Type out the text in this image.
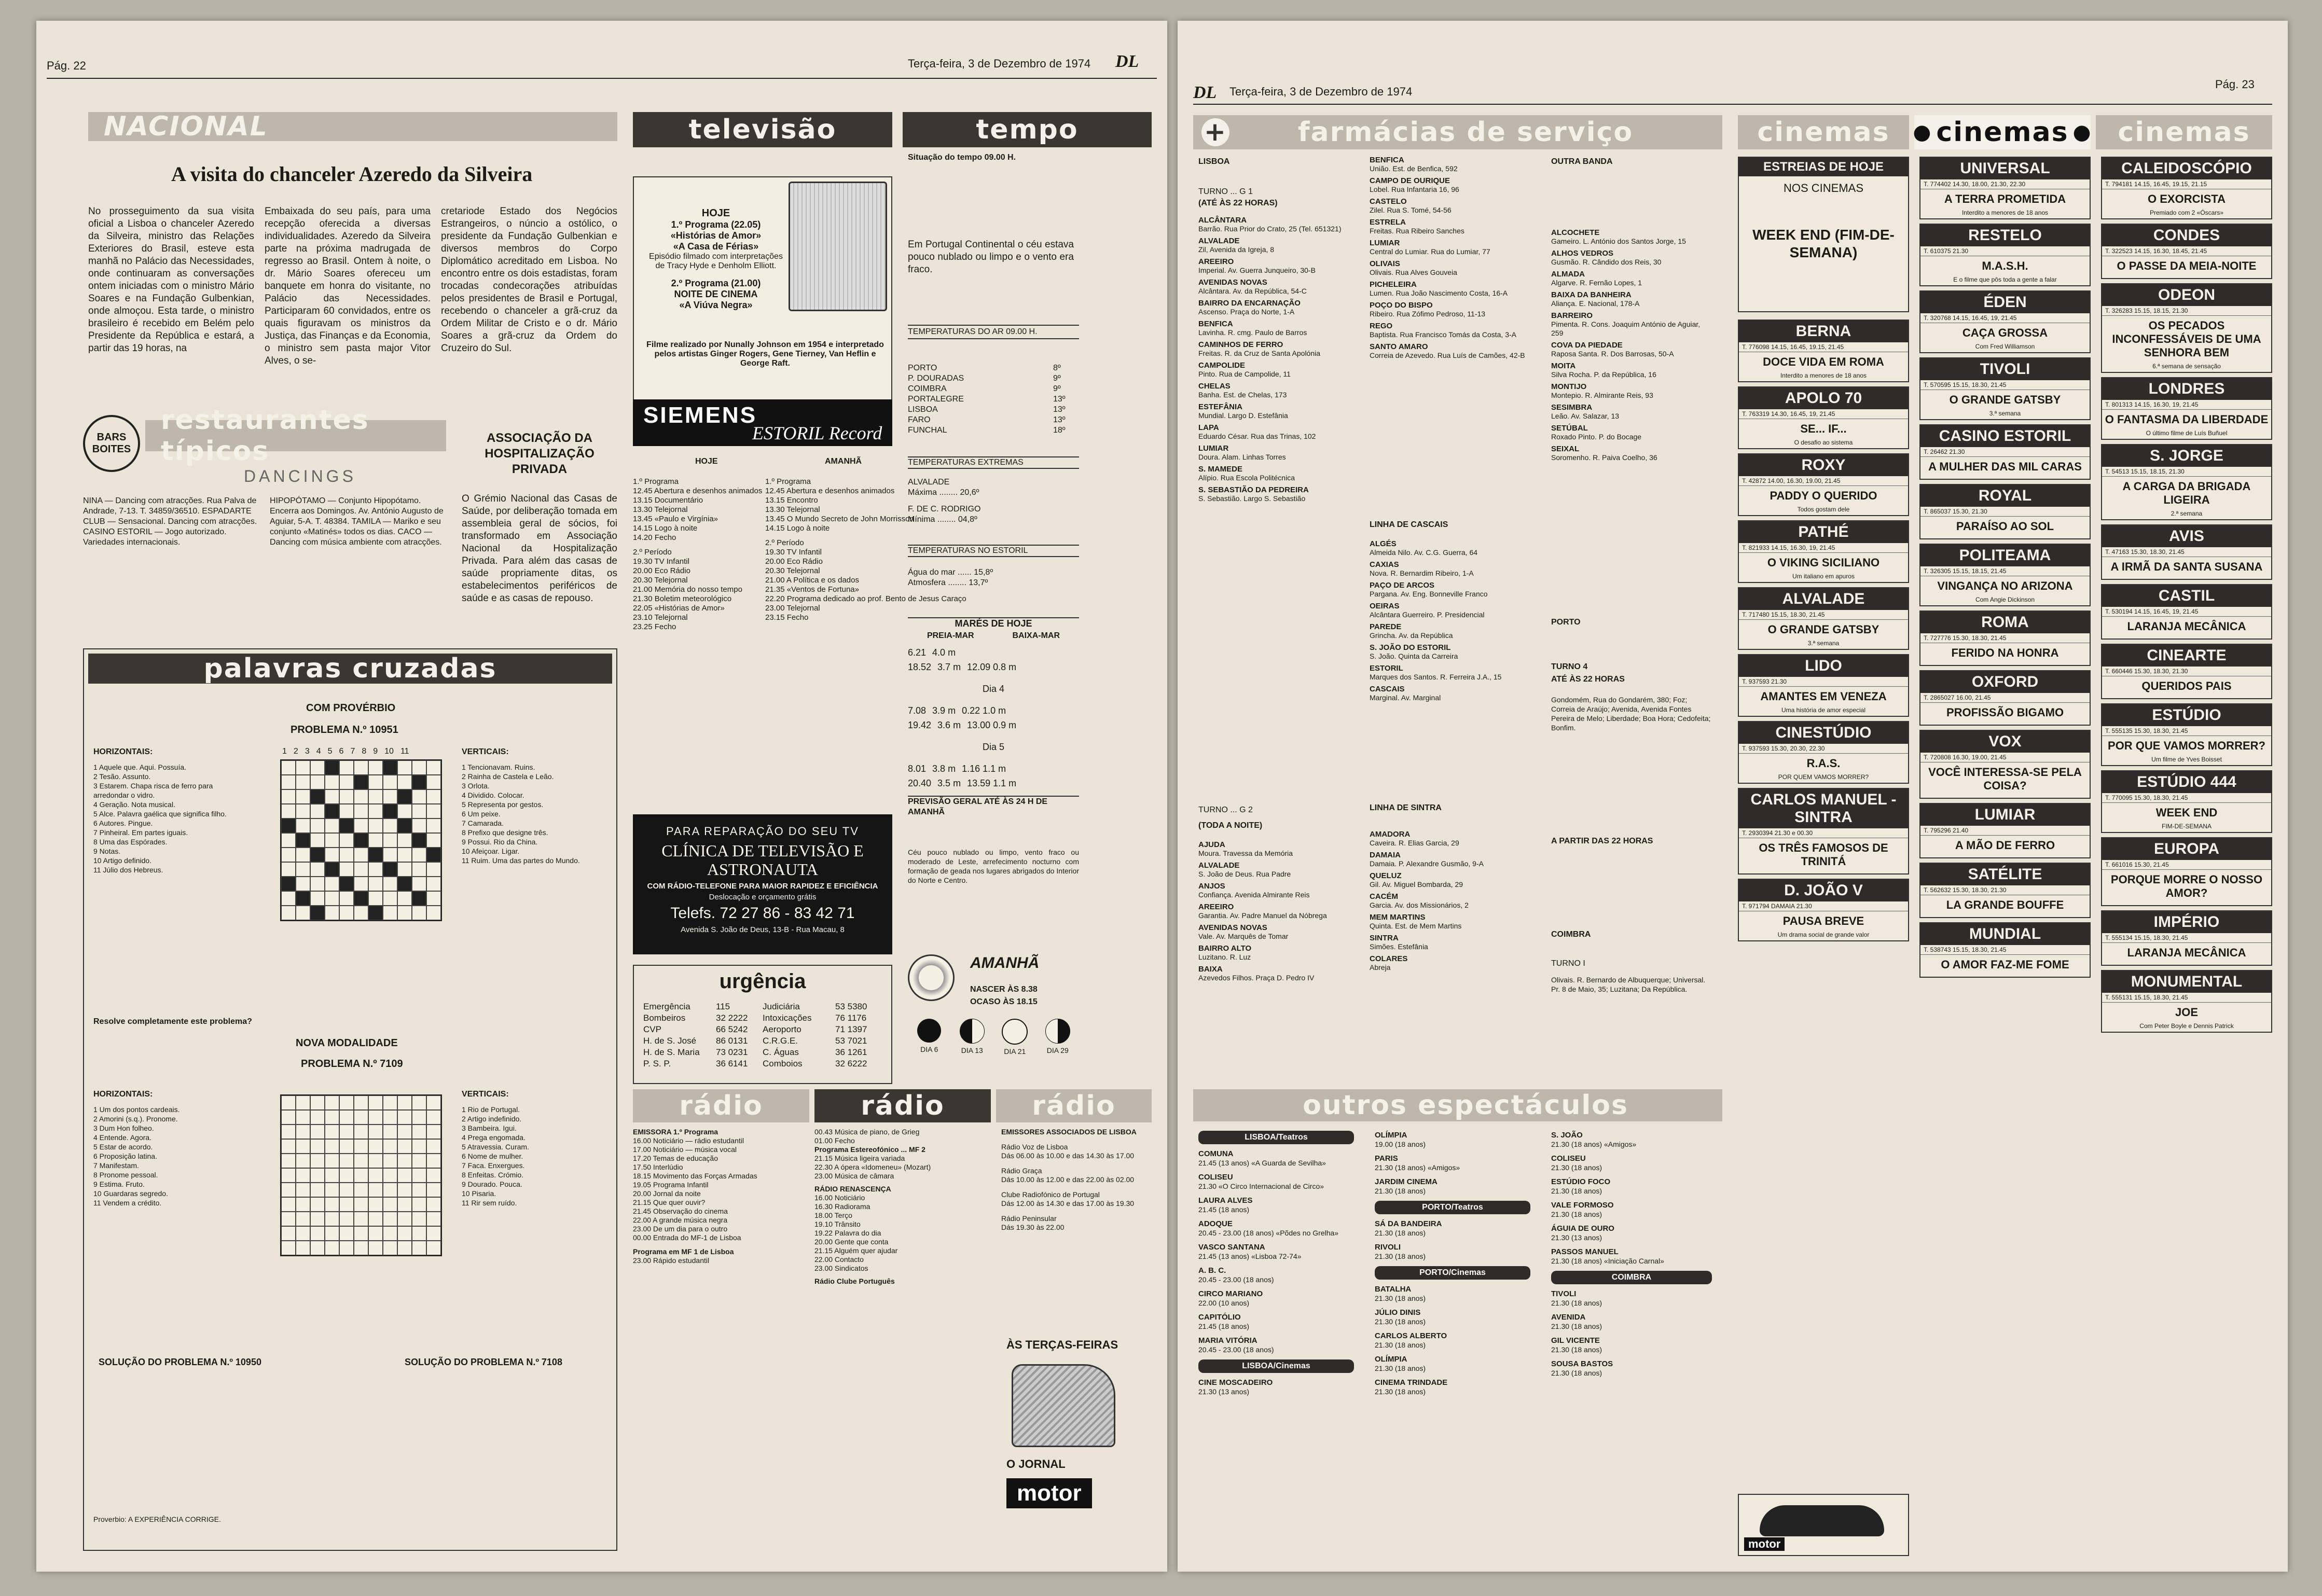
Pág. 22	Terça-feira, 3 de Dezembro de 1974 DL
NACIONAL
A visita do chanceler Azeredo da Silveira
No prosseguimento da sua visita oficial a Lisboa o chanceler Azeredo da Silveira, ministro das Relações Exteriores do Brasil, esteve esta manhã no Palácio das Necessidades, onde continuaram as conversações ontem iniciadas com o ministro Mário Soares e na Fundação Gulbenkian, onde almoçou. Esta tarde, o ministro brasileiro é recebido em Belém pelo Presidente da República e estará, a partir das 19 horas, na
Embaixada do seu país, para uma recepção oferecida a diversas individualidades. Azeredo da Silveira parte na próxima madrugada de regresso ao Brasil. Ontem à noite, o dr. Mário Soares ofereceu um banquete em honra do visitante, no Palácio das Necessidades. Participaram 60 convidados, entre os quais figuravam os ministros da Justiça, das Finanças e da Economia, o ministro sem pasta major Vitor Alves, o se-
cretariode Estado dos Negócios Estrangeiros, o núncio a ostólico, o presidente da Fundação Gulbenkian e diversos membros do Corpo Diplomático acreditado em Lisboa. No encontro entre os dois estadistas, foram trocadas condecorações atribuídas pelos presidentes de Brasil e Portugal, recebendo o chanceler a grã-cruz da Ordem Militar de Cristo e o dr. Mário Soares a grã-cruz da Ordem do Cruzeiro do Sul.
BARS BOITES
restaurantes típicos
DANCINGS
NINA — Dancing com atracções. Rua Palva de Andrade, 7-13. T. 34859/36510. ESPADARTE CLUB — Sensacional. Dancing com atracções. CASINO ESTORIL — Jogo autorizado. Variedades internacionais.
HIPOPÓTAMO — Conjunto Hipopótamo. Encerra aos Domingos. Av. António Augusto de Aguiar, 5-A. T. 48384. TAMILA — Mariko e seu conjunto «Matinés» todos os dias. CACO — Dancing com música ambiente com atracções.
ASSOCIAÇÃO DA HOSPITALIZAÇÃO PRIVADA
O Grémio Nacional das Casas de Saúde, por deliberação tomada em assembleia geral de sócios, foi transformado em Associação Nacional da Hospitalização Privada. Para além das casas de saúde propriamente ditas, os estabelecimentos periféricos de saúde e as casas de repouso.
palavras cruzadas
COM PROVÉRBIO
PROBLEMA N.º 10951
HORIZONTAIS:	VERTICAIS:
1 Aquele que. Aqui. Possuía.
2 Tesão. Assunto.
3 Estarem. Chapa risca de ferro para arredondar o vidro.
4 Geração. Nota musical.
5 Alce. Palavra gaélica que significa filho.
6 Autores. Pingue.
7 Pinheiral. Em partes iguais.
8 Uma das Espórades.
9 Notas.
10 Artigo definido.
11 Júlio dos Hebreus.
1 Tencionavam. Ruins.
2 Rainha de Castela e Leão.
3 Orlota.
4 Dividido. Colocar.
5 Representa por gestos.
6 Um peixe.
7 Camarada.
8 Prefixo que designe três.
9 Possui. Rio da China.
10 Afeiçoar. Ligar.
11 Ruim. Uma das partes do Mundo.
1 2 3 4 5 6 7 8 9 10 11
Resolve completamente este problema?
NOVA MODALIDADE
PROBLEMA N.º 7109
HORIZONTAIS:	VERTICAIS:
1 Um dos pontos cardeais.
2 Amorini (s.q.). Pronome.
3 Dum Hon folheo.
4 Entende. Agora.
5 Estar de acordo.
6 Proposição latina.
7 Manifestam.
8 Pronome pessoal.
9 Estima. Fruto.
10 Guardaras segredo.
11 Vendem a crédito.
1 Rio de Portugal.
2 Artigo indefinido.
3 Bambeira. Igui.
4 Prega engomada.
5 Atravessia. Curam.
6 Nome de mulher.
7 Faca. Enxergues.
8 Enfeitas. Crómio.
9 Dourado. Pouca.
10 Pisaria.
11 Rir sem ruído.
SOLUÇÃO DO PROBLEMA N.º 10950	SOLUÇÃO DO PROBLEMA N.º 7108
Proverbio: A EXPERIÊNCIA CORRIGE.
televisão
HOJE
1.º Programa (22.05)
«Histórias de Amor»
«A Casa de Férias»
Episódio filmado com interpretações de Tracy Hyde e Denholm Elliott.
2.º Programa (21.00)
NOITE DE CINEMA
«A Viúva Negra»
Filme realizado por Nunally Johnson em 1954 e interpretado pelos artistas Ginger Rogers, Gene Tierney, Van Heflin e George Raft.
SIEMENS
ESTORIL Record
HOJE	AMANHÃ
1.º Programa
12.45 Abertura e desenhos animados
13.15 Documentário
13.30 Telejornal
13.45 «Paulo e Virgínia»
14.15 Logo à noite
14.20 Fecho
2.º Período
19.30 TV Infantil
20.00 Eco Rádio
20.30 Telejornal
21.00 Memória do nosso tempo
21.30 Boletim meteorológico
22.05 «Histórias de Amor»
23.10 Telejornal
23.25 Fecho
1.º Programa
12.45 Abertura e desenhos animados
13.15 Encontro
13.30 Telejornal
13.45 O Mundo Secreto de John Morrisson
14.15 Logo à noite
2.º Período
19.30 TV Infantil
20.00 Eco Rádio
20.30 Telejornal
21.00 A Política e os dados
21.35 «Ventos de Fortuna»
22.20 Programa dedicado ao prof. Bento de Jesus Caraço
23.00 Telejornal
23.15 Fecho
PARA REPARAÇÃO DO SEU TV
CLÍNICA DE TELEVISÃO E ASTRONAUTA
COM RÁDIO-TELEFONE PARA MAIOR RAPIDEZ E EFICIÊNCIA
Deslocação e orçamento grátis
Telefs. 72 27 86 - 83 42 71
Avenida S. João de Deus, 13-B - Rua Macau, 8
urgência
Emergência	115	Judiciária	53 5380
Bombeiros	32 2222	Intoxicações	76 1176
CVP	66 5242	Aeroporto	71 1397
H. de S. José	86 0131	C.R.G.E.	53 7021
H. de S. Maria	73 0231	C. Águas	36 1261
P. S. P.	36 6141	Comboios	32 6222
tempo
Situação do tempo 09.00 H.
Em Portugal Continental o céu estava pouco nublado ou limpo e o vento era fraco.
TEMPERATURAS DO AR 09.00 H.
PORTO	8º
P. DOURADAS	9º
COIMBRA	9º
PORTALEGRE	13º
LISBOA	13º
FARO	13º
FUNCHAL	18º
TEMPERATURAS EXTREMAS
ALVALADE
Máxima ........ 20,6º
F. DE C. RODRIGO
Mínima ........ 04,8º
TEMPERATURAS NO ESTORIL
Água do mar ...... 15,8º
Atmosfera ........ 13,7º
MARÉS DE HOJE
PREIA-MAR	BAIXA-MAR
6.21 4.0 m
18.52 3.7 m 12.09 0.8 m
Dia 4
7.08 3.9 m 0.22 1.0 m
19.42 3.6 m 13.00 0.9 m
Dia 5
8.01 3.8 m 1.16 1.1 m
20.40 3.5 m 13.59 1.1 m
PREVISÃO GERAL ATÉ ÀS 24 H DE AMANHÃ
Céu pouco nublado ou limpo, vento fraco ou moderado de Leste, arrefecimento nocturno com formação de geada nos lugares abrigados do Interior do Norte e Centro.
AMANHÃ
NASCER ÀS 8.38
OCASO ÀS 18.15
DIA 6	DIA 13	DIA 21	DIA 29
rádio	rádio	rádio
EMISSORA 1.º Programa
16.00 Noticiário — rádio estudantil
17.00 Noticiário — música vocal
17.20 Temas de educação
17.50 Interlúdio
18.15 Movimento das Forças Armadas
19.05 Programa Infantil
20.00 Jornal da noite
21.15 Que quer ouvir?
21.45 Observação do cinema
22.00 A grande música negra
23.00 De um dia para o outro
00.00 Entrada do MF-1 de Lisboa
Programa em MF 1 de Lisboa
23.00 Rápido estudantil
00.43 Música de piano, de Grieg
01.00 Fecho
Programa Estereofónico ... MF 2
21.15 Música ligeira variada
22.30 A ópera «Idomeneu» (Mozart)
23.00 Música de câmara
RÁDIO RENASCENÇA
16.00 Noticiário
16.30 Radiorama
18.00 Terço
19.10 Trânsito
19.22 Palavra do dia
20.00 Gente que conta
21.15 Alguém quer ajudar
22.00 Contacto
23.00 Sindicatos
Rádio Clube Português
EMISSORES ASSOCIADOS DE LISBOA
Rádio Voz de Lisboa
Dás 06.00 às 10.00 e das 14.30 às 17.00
Rádio Graça
Dás 10.00 às 12.00 e das 22.00 às 02.00
Clube Radiofónico de Portugal
Dás 12.00 às 14.30 e das 17.00 às 19.30
Rádio Peninsular
Dás 19.30 às 22.00
ÀS TERÇAS-FEIRAS
O JORNAL
motor
DL Terça-feira, 3 de Dezembro de 1974
Pág. 23
+	farmácias de serviço
LISBOA
TURNO ... G 1
(ATÉ ÀS 22 HORAS)
ALCÂNTARA
Barrão. Rua Prior do Crato, 25 (Tel. 651321)
ALVALADE
Zil, Avenida da Igreja, 8
AREEIRO
Imperial. Av. Guerra Junqueiro, 30-B
AVENIDAS NOVAS
Alcântara. Av. da República, 54-C
BAIRRO DA ENCARNAÇÃO
Ascenso. Praça do Norte, 1-A
BENFICA
Lavinha. R. cmg. Paulo de Barros
CAMINHOS DE FERRO
Freitas. R. da Cruz de Santa Apolónia
CAMPOLIDE
Pinto. Rua de Campolide, 11
CHELAS
Banha. Est. de Chelas, 173
ESTEFÂNIA
Mundial. Largo D. Estefânia
LAPA
Eduardo César. Rua das Trinas, 102
LUMIAR
Doura. Alam. Linhas Torres
S. MAMEDE
Alípio. Rua Escola Politécnica
S. SEBASTIÃO DA PEDREIRA
S. Sebastião. Largo S. Sebastião
BENFICA
União. Est. de Benfica, 592
CAMPO DE OURIQUE
Lobel. Rua Infantaria 16, 96
CASTELO
Zilel. Rua S. Tomé, 54-56
ESTRELA
Freitas. Rua Ribeiro Sanches
LUMIAR
Central do Lumiar. Rua do Lumiar, 77
OLIVAIS
Olivais. Rua Alves Gouveia
PICHELEIRA
Lumen. Rua João Nascimento Costa, 16-A
POÇO DO BISPO
Ribeiro. Rua Zófimo Pedroso, 11-13
REGO
Baptista. Rua Francisco Tomás da Costa, 3-A
SANTO AMARO
Correia de Azevedo. Rua Luís de Camões, 42-B
OUTRA BANDA
ALCOCHETE
Gameiro. L. António dos Santos Jorge, 15
ALHOS VEDROS
Gusmão. R. Cândido dos Reis, 30
ALMADA
Algarve. R. Fernão Lopes, 1
BAIXA DA BANHEIRA
Aliança. E. Nacional, 178-A
BARREIRO
Pimenta. R. Cons. Joaquim António de Aguiar, 259
COVA DA PIEDADE
Raposa Santa. R. Dos Barrosas, 50-A
MOITA
Silva Rocha. P. da República, 16
MONTIJO
Montepio. R. Almirante Reis, 93
SESIMBRA
Leão. Av. Salazar, 13
SETÚBAL
Roxado Pinto. P. do Bocage
SEIXAL
Soromenho. R. Paiva Coelho, 36
LINHA DE CASCAIS
ALGÉS
Almeida Nilo. Av. C.G. Guerra, 64
CAXIAS
Nova. R. Bernardim Ribeiro, 1-A
PAÇO DE ARCOS
Pargana. Av. Eng. Bonneville Franco
OEIRAS
Alcântara Guerreiro. P. Presidencial
PAREDE
Grincha. Av. da República
S. JOÃO DO ESTORIL
S. João. Quinta da Carreira
ESTORIL
Marques dos Santos. R. Ferreira J.A., 15
CASCAIS
Marginal. Av. Marginal
PORTO
TURNO 4
ATÉ ÀS 22 HORAS
Gondomém, Rua do Gondarém, 380; Foz; Correia de Araújo; Avenida, Avenida Fontes Pereira de Melo; Liberdade; Boa Hora; Cedofeita; Bonfim.
A PARTIR DAS 22 HORAS
COIMBRA
TURNO I
Olivais. R. Bernardo de Albuquerque; Universal. Pr. 8 de Maio, 35; Luzitana; Da República.
LINHA DE SINTRA
AMADORA
Caveira. R. Elias Garcia, 29
DAMAIA
Damaia. P. Alexandre Gusmão, 9-A
QUELUZ
Gil. Av. Miguel Bombarda, 29
CACÉM
Garcia. Av. dos Missionários, 2
MEM MARTINS
Quinta. Est. de Mem Martins
SINTRA
Simões. Estefânia
COLARES
Abreja
TURNO ... G 2
(TODA A NOITE)
AJUDA
Moura. Travessa da Memória
ALVALADE
S. João de Deus. Rua Padre
ANJOS
Confiança. Avenida Almirante Reis
AREEIRO
Garantia. Av. Padre Manuel da Nóbrega
AVENIDAS NOVAS
Vale. Av. Marquês de Tomar
BAIRRO ALTO
Luzitano. R. Luz
BAIXA
Azevedos Filhos. Praça D. Pedro IV
outros espectáculos
LISBOA/Teatros
COMUNA
21.45 (13 anos) «A Guarda de Sevilha»
COLISEU
21.30 «O Circo Internacional de Circo»
LAURA ALVES
21.45 (18 anos)
ADOQUE
20.45 - 23.00 (18 anos) «Põdes no Grelha»
VASCO SANTANA
21.45 (13 anos) «Lisboa 72-74»
A. B. C.
20.45 - 23.00 (18 anos)
CIRCO MARIANO
22.00 (10 anos)
CAPITÓLIO
21.45 (18 anos)
MARIA VITÓRIA
20.45 - 23.00 (18 anos)
LISBOA/Cinemas
CINE MOSCADEIRO
21.30 (13 anos)
OLÍMPIA
19.00 (18 anos)
PARIS
21.30 (18 anos) «Amigos»
JARDIM CINEMA
21.30 (18 anos)
PORTO/Teatros
SÁ DA BANDEIRA
21.30 (18 anos)
RIVOLI
21.30 (18 anos)
PORTO/Cinemas
BATALHA
21.30 (18 anos)
JÚLIO DINIS
21.30 (18 anos)
CARLOS ALBERTO
21.30 (18 anos)
OLÍMPIA
21.30 (18 anos)
CINEMA TRINDADE
21.30 (18 anos)
S. JOÃO
21.30 (18 anos) «Amigos»
COLISEU
21.30 (18 anos)
ESTÚDIO FOCO
21.30 (18 anos)
VALE FORMOSO
21.30 (18 anos)
ÁGUIA DE OURO
21.30 (13 anos)
PASSOS MANUEL
21.30 (18 anos) «Iniciação Carnal»
COIMBRA
TIVOLI
21.30 (18 anos)
AVENIDA
21.30 (18 anos)
GIL VICENTE
21.30 (18 anos)
SOUSA BASTOS
21.30 (18 anos)
cinemas	● cinemas ● cinemas
ESTREIAS DE HOJE
NOS CINEMAS
WEEK END (FIM-DE-SEMANA)
BERNA
T. 776098 14.15, 16.45, 19.15, 21.45
DOCE VIDA EM ROMA
Interdito a menores de 18 anos
APOLO 70
T. 763319 14.30, 16.45, 19, 21.45
SE... IF...
O desafio ao sistema
ROXY
T. 42872 14.00, 16.30, 19.00, 21.45
PADDY O QUERIDO
Todos gostam dele
PATHÉ
T. 821933 14.15, 16.30, 19, 21.45
O VIKING SICILIANO
Um italiano em apuros
ALVALADE
T. 717480 15.15, 18.30, 21.45
O GRANDE GATSBY
3.ª semana
LIDO
T. 937593 21.30
AMANTES EM VENEZA
Uma história de amor especial
CINESTÚDIO
T. 937593 15.30, 20.30, 22.30
R.A.S.
POR QUEM VAMOS MORRER?
CARLOS MANUEL - SINTRA
T. 2930394 21.30 e 00.30
OS TRÊS FAMOSOS DE TRINITÁ
D. JOÃO V
T. 971794 DAMAIA 21.30
PAUSA BREVE
Um drama social de grande valor
UNIVERSAL
T. 774402 14.30, 18.00, 21.30, 22.30
A TERRA PROMETIDA
Interdito a menores de 18 anos
RESTELO
T. 610375 21.30
M.A.S.H.
E o filme que pôs toda a gente a falar
ÉDEN
T. 320768 14.15, 16.45, 19, 21.45
CAÇA GROSSA
Com Fred Williamson
TIVOLI
T. 570595 15.15, 18.30, 21.45
O GRANDE GATSBY
3.ª semana
CASINO ESTORIL
T. 26462 21.30
A MULHER DAS MIL CARAS
ROYAL
T. 865037 15.30, 21.30
PARAÍSO AO SOL
POLITEAMA
T. 326305 15.15, 18.15, 21.45
VINGANÇA NO ARIZONA
Com Angie Dickinson
ROMA
T. 727776 15.30, 18.30, 21.45
FERIDO NA HONRA
OXFORD
T. 2865027 16.00, 21.45
PROFISSÃO BIGAMO
VOX
T. 720808 16.30, 19.00, 21.45
VOCÊ INTERESSA-SE PELA COISA?
LUMIAR
T. 795296 21.40
A MÃO DE FERRO
SATÉLITE
T. 562632 15.30, 18.30, 21.30
LA GRANDE BOUFFE
MUNDIAL
T. 538743 15.15, 18.30, 21.45
O AMOR FAZ-ME FOME
CALEIDOSCÓPIO
T. 794181 14.15, 16.45, 19.15, 21.15
O EXORCISTA
Premiado com 2 «Óscars»
CONDES
T. 322523 14.15, 16.30, 18.45, 21.45
O PASSE DA MEIA-NOITE
ODEON
T. 326283 15.15, 18.15, 21.30
OS PECADOS INCONFESSÁVEIS DE UMA SENHORA BEM
6.ª semana de sensação
LONDRES
T. 801313 14.15, 16.30, 19, 21.45
O FANTASMA DA LIBERDADE
O último filme de Luís Buñuel
S. JORGE
T. 54513 15.15, 18.15, 21.30
A CARGA DA BRIGADA LIGEIRA
2.ª semana
AVIS
T. 47163 15.30, 18.30, 21.45
A IRMÃ DA SANTA SUSANA
CASTIL
T. 530194 14.15, 16.45, 19, 21.45
LARANJA MECÂNICA
CINEARTE
T. 660446 15.30, 18.30, 21.30
QUERIDOS PAIS
ESTÚDIO
T. 555135 15.30, 18.30, 21.45
POR QUE VAMOS MORRER?
Um filme de Yves Boisset
ESTÚDIO 444
T. 770095 15.30, 18.30, 21.45
WEEK END
FIM-DE-SEMANA
EUROPA
T. 661016 15.30, 21.45
PORQUE MORRE O NOSSO AMOR?
IMPÉRIO
T. 555134 15.15, 18.30, 21.45
LARANJA MECÂNICA
MONUMENTAL
T. 555131 15.15, 18.30, 21.45
JOE
Com Peter Boyle e Dennis Patrick
motor
